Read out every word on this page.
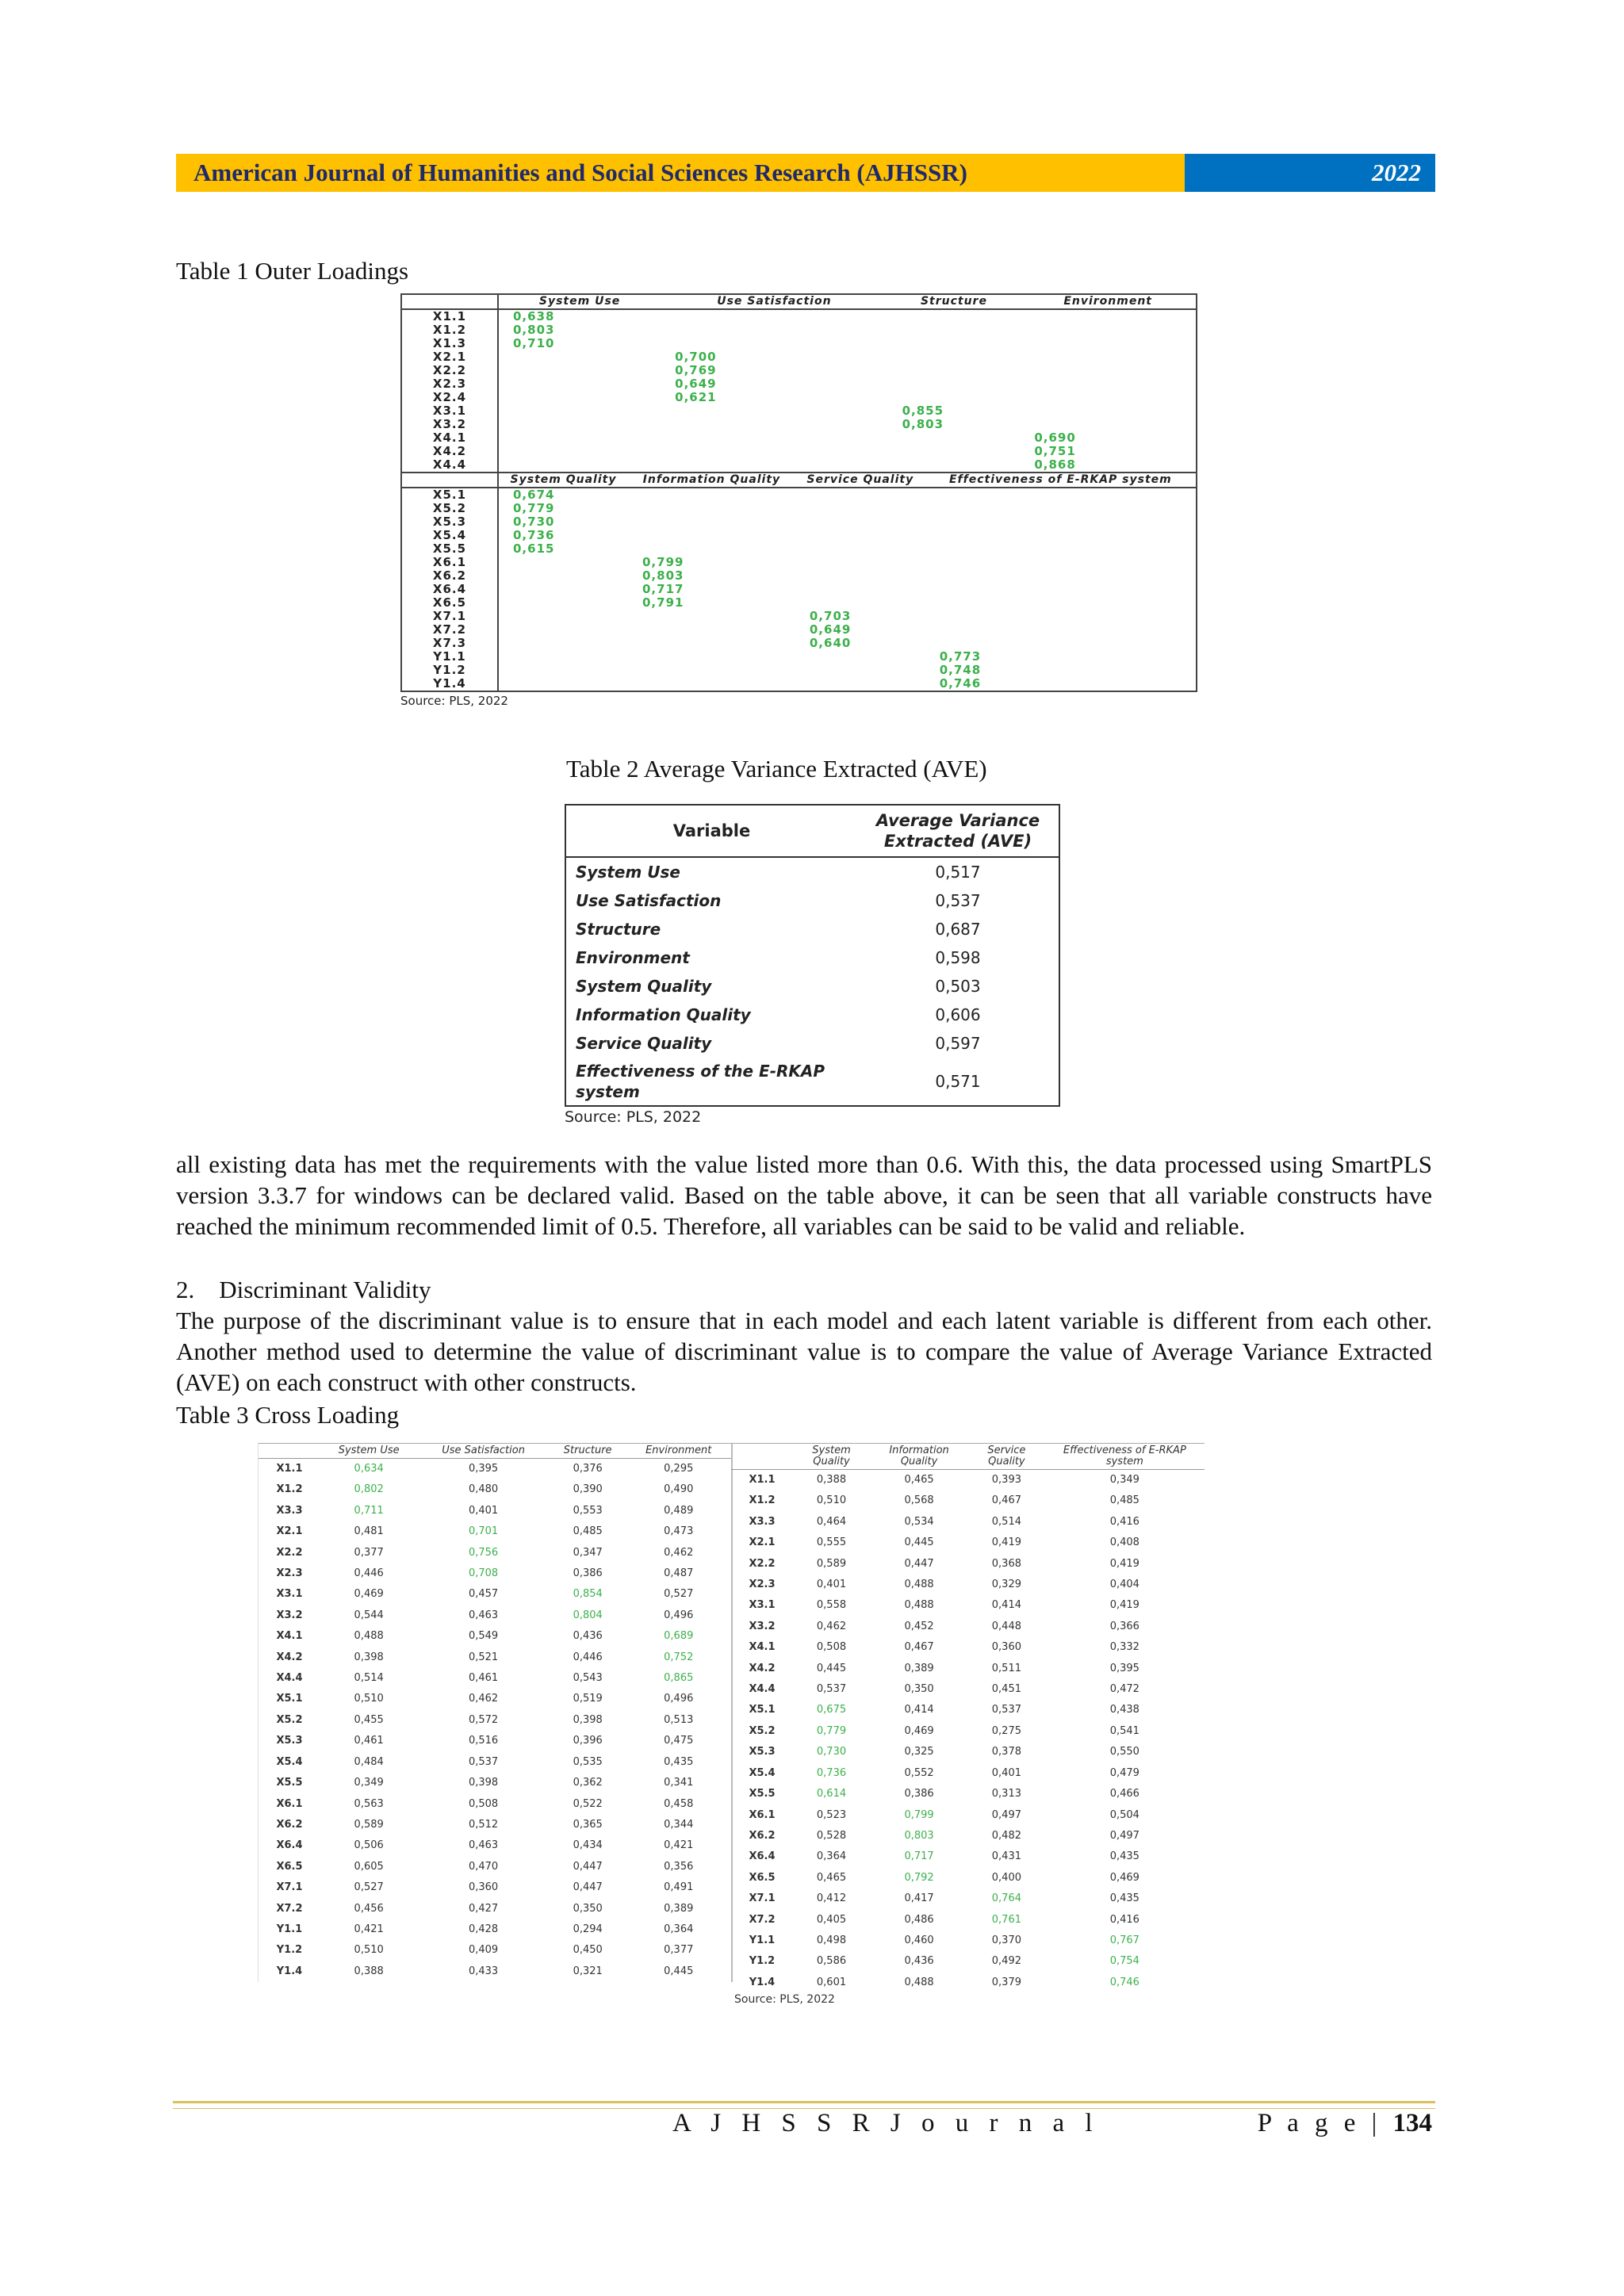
American Journal of Humanities and Social Sciences Research (AJHSSR)	2022
Table 1 Outer Loadings
	System Use	Use Satisfaction	Structure	Environment
X1.1	0,638			
X1.2	0,803			
X1.3	0,710			
X2.1		0,700		
X2.2		0,769		
X2.3		0,649		
X2.4		0,621		
X3.1			0,855	
X3.2			0,803	
X4.1				0,690
X4.2				0,751
X4.4				0,868
	System Quality	Information Quality	Service Quality	Effectiveness of E-RKAP system
X5.1	0,674			
X5.2	0,779			
X5.3	0,730			
X5.4	0,736			
X5.5	0,615			
X6.1		0,799		
X6.2		0,803		
X6.4		0,717		
X6.5		0,791		
X7.1			0,703	
X7.2			0,649	
X7.3			0,640	
Y1.1				0,773
Y1.2				0,748
Y1.4				0,746
Source: PLS, 2022
Table 2 Average Variance Extracted (AVE)
Variable	Average Variance Extracted (AVE)
System Use	0,517
Use Satisfaction	0,537
Structure	0,687
Environment	0,598
System Quality	0,503
Information Quality	0,606
Service Quality	0,597
Effectiveness of the E-RKAP system	0,571
Source: PLS, 2022
all existing data has met the requirements with the value listed more than 0.6. With this, the data processed using SmartPLS version 3.3.7 for windows can be declared valid. Based on the table above, it can be seen that all variable constructs have reached the minimum recommended limit of 0.5. Therefore, all variables can be said to be valid and reliable.
2.    Discriminant Validity
The purpose of the discriminant value is to ensure that in each model and each latent variable is different from each other. Another method used to determine the value of discriminant value is to compare the value of Average Variance Extracted (AVE) on each construct with other constructs.
Table 3 Cross Loading
	System Use	Use Satisfaction	Structure	Environment
X1.1	0,634	0,395	0,376	0,295
X1.2	0,802	0,480	0,390	0,490
X3.3	0,711	0,401	0,553	0,489
X2.1	0,481	0,701	0,485	0,473
X2.2	0,377	0,756	0,347	0,462
X2.3	0,446	0,708	0,386	0,487
X3.1	0,469	0,457	0,854	0,527
X3.2	0,544	0,463	0,804	0,496
X4.1	0,488	0,549	0,436	0,689
X4.2	0,398	0,521	0,446	0,752
X4.4	0,514	0,461	0,543	0,865
X5.1	0,510	0,462	0,519	0,496
X5.2	0,455	0,572	0,398	0,513
X5.3	0,461	0,516	0,396	0,475
X5.4	0,484	0,537	0,535	0,435
X5.5	0,349	0,398	0,362	0,341
X6.1	0,563	0,508	0,522	0,458
X6.2	0,589	0,512	0,365	0,344
X6.4	0,506	0,463	0,434	0,421
X6.5	0,605	0,470	0,447	0,356
X7.1	0,527	0,360	0,447	0,491
X7.2	0,456	0,427	0,350	0,389
Y1.1	0,421	0,428	0,294	0,364
Y1.2	0,510	0,409	0,450	0,377
Y1.4	0,388	0,433	0,321	0,445
	System Quality	Information Quality	Service Quality	Effectiveness of E-RKAP system
X1.1	0,388	0,465	0,393	0,349
X1.2	0,510	0,568	0,467	0,485
X3.3	0,464	0,534	0,514	0,416
X2.1	0,555	0,445	0,419	0,408
X2.2	0,589	0,447	0,368	0,419
X2.3	0,401	0,488	0,329	0,404
X3.1	0,558	0,488	0,414	0,419
X3.2	0,462	0,452	0,448	0,366
X4.1	0,508	0,467	0,360	0,332
X4.2	0,445	0,389	0,511	0,395
X4.4	0,537	0,350	0,451	0,472
X5.1	0,675	0,414	0,537	0,438
X5.2	0,779	0,469	0,275	0,541
X5.3	0,730	0,325	0,378	0,550
X5.4	0,736	0,552	0,401	0,479
X5.5	0,614	0,386	0,313	0,466
X6.1	0,523	0,799	0,497	0,504
X6.2	0,528	0,803	0,482	0,497
X6.4	0,364	0,717	0,431	0,435
X6.5	0,465	0,792	0,400	0,469
X7.1	0,412	0,417	0,764	0,435
X7.2	0,405	0,486	0,761	0,416
Y1.1	0,498	0,460	0,370	0,767
Y1.2	0,586	0,436	0,492	0,754
Y1.4	0,601	0,488	0,379	0,746
Source: PLS, 2022
A J H S S R J o u r n a l	P a g e | 134
